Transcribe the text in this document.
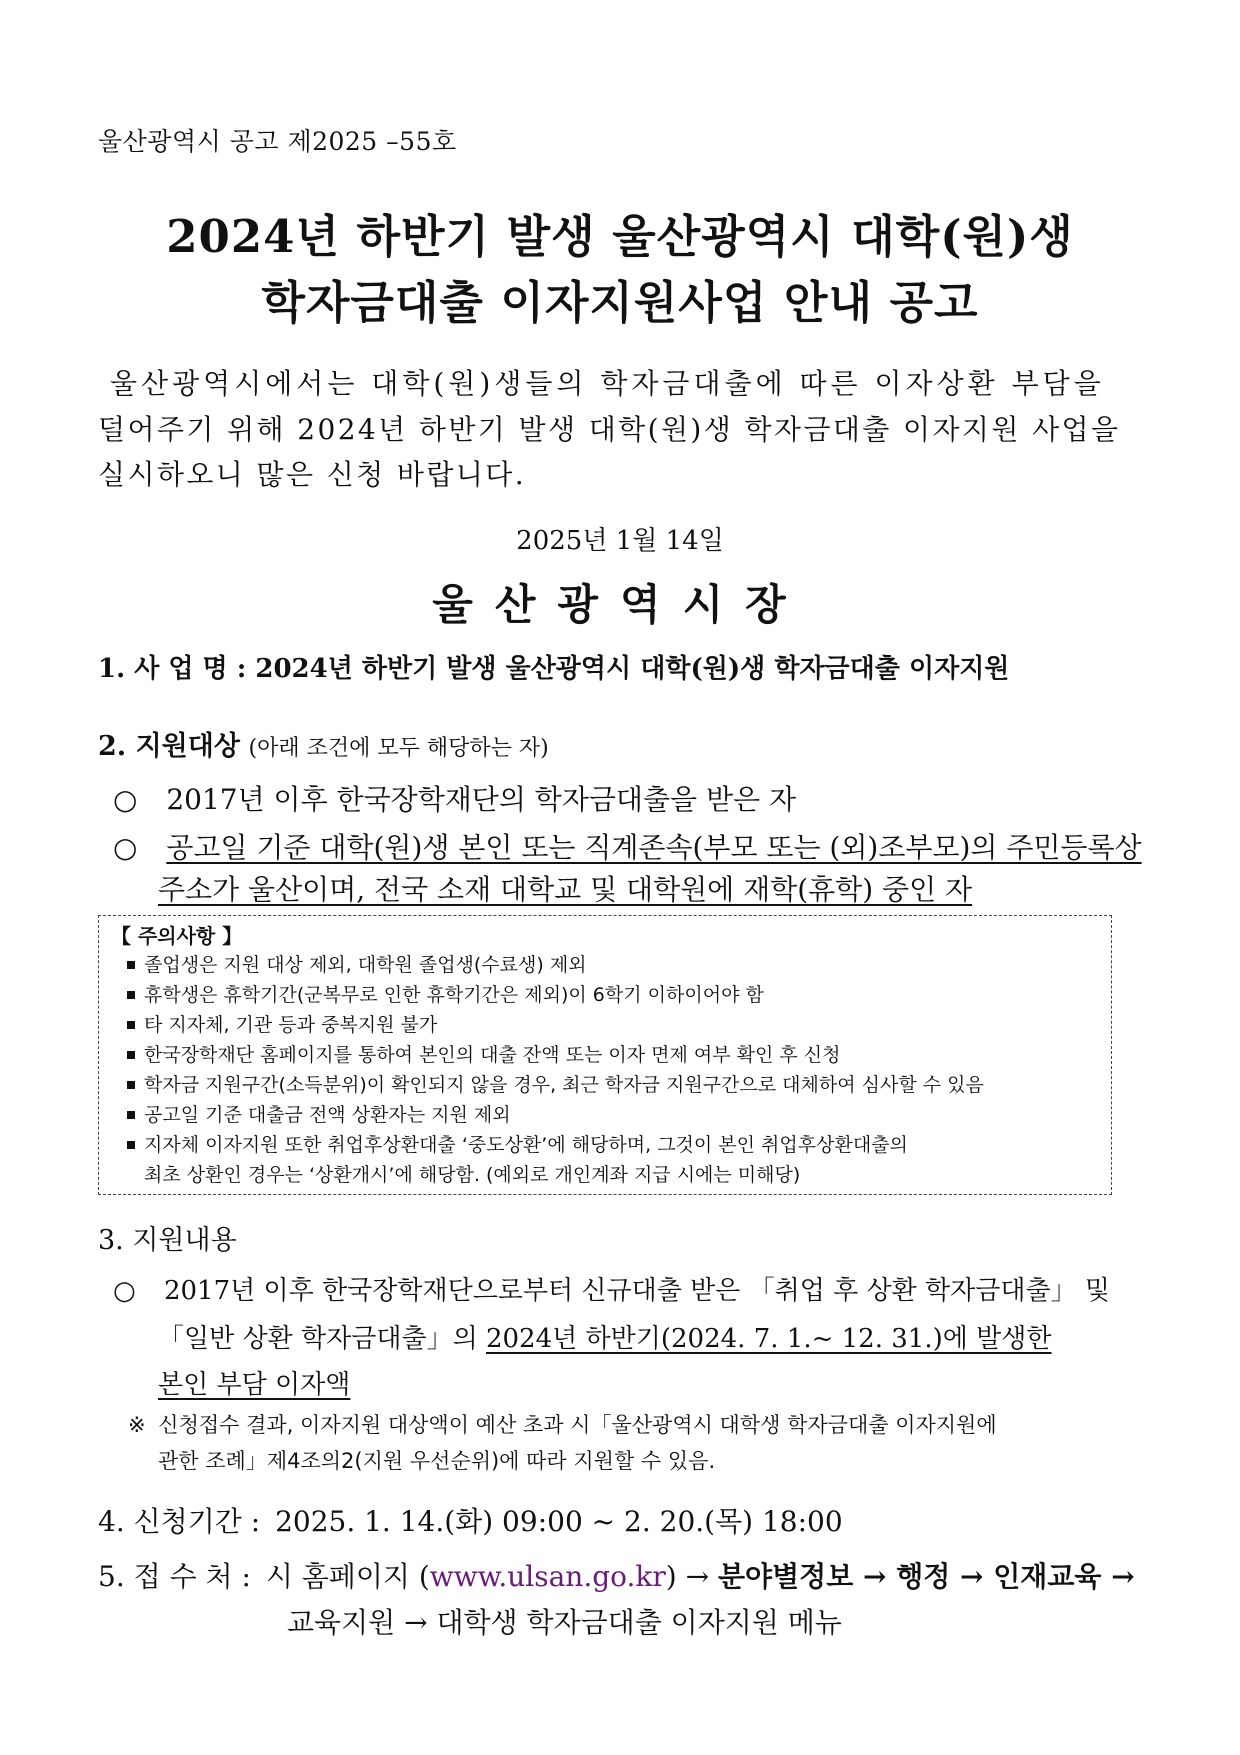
울산광역시 공고 제2025 –55호
2024년 하반기 발생 울산광역시 대학(원)생
학자금대출 이자지원사업 안내 공고
울산광역시에서는 대학(원)생들의 학자금대출에 따른 이자상환 부담을
덜어주기 위해 2024년 하반기 발생 대학(원)생 학자금대출 이자지원 사업을
실시하오니 많은 신청 바랍니다.
2025년 1월 14일
울산광역시장
1. 사 업 명 : 2024년 하반기 발생 울산광역시 대학(원)생 학자금대출 이자지원
2. 지원대상 (아래 조건에 모두 해당하는 자)
○ 2017년 이후 한국장학재단의 학자금대출을 받은 자
○ 공고일 기준 대학(원)생 본인 또는 직계존속(부모 또는 (외)조부모)의 주민등록상
주소가 울산이며, 전국 소재 대학교 및 대학원에 재학(휴학) 중인 자
【 주의사항 】
졸업생은 지원 대상 제외, 대학원 졸업생(수료생) 제외
휴학생은 휴학기간(군복무로 인한 휴학기간은 제외)이 6학기 이하이어야 함
타 지자체, 기관 등과 중복지원 불가
한국장학재단 홈페이지를 통하여 본인의 대출 잔액 또는 이자 면제 여부 확인 후 신청
학자금 지원구간(소득분위)이 확인되지 않을 경우, 최근 학자금 지원구간으로 대체하여 심사할 수 있음
공고일 기준 대출금 전액 상환자는 지원 제외
지자체 이자지원 또한 취업후상환대출 ‘중도상환’에 해당하며, 그것이 본인 취업후상환대출의
최초 상환인 경우는 ‘상환개시’에 해당함. (예외로 개인계좌 지급 시에는 미해당)
3. 지원내용
○ 2017년 이후 한국장학재단으로부터 신규대출 받은 「취업 후 상환 학자금대출」 및
「일반 상환 학자금대출」의 2024년 하반기(2024. 7. 1.~ 12. 31.)에 발생한
본인 부담 이자액
※ 신청접수 결과, 이자지원 대상액이 예산 초과 시「울산광역시 대학생 학자금대출 이자지원에
관한 조례」제4조의2(지원 우선순위)에 따라 지원할 수 있음.
4. 신청기간 : 2025. 1. 14.(화) 09:00 ~ 2. 20.(목) 18:00
5. 접 수 처 : 시 홈페이지 (www.ulsan.go.kr) → 분야별정보 → 행정 → 인재교육 →
교육지원 → 대학생 학자금대출 이자지원 메뉴
